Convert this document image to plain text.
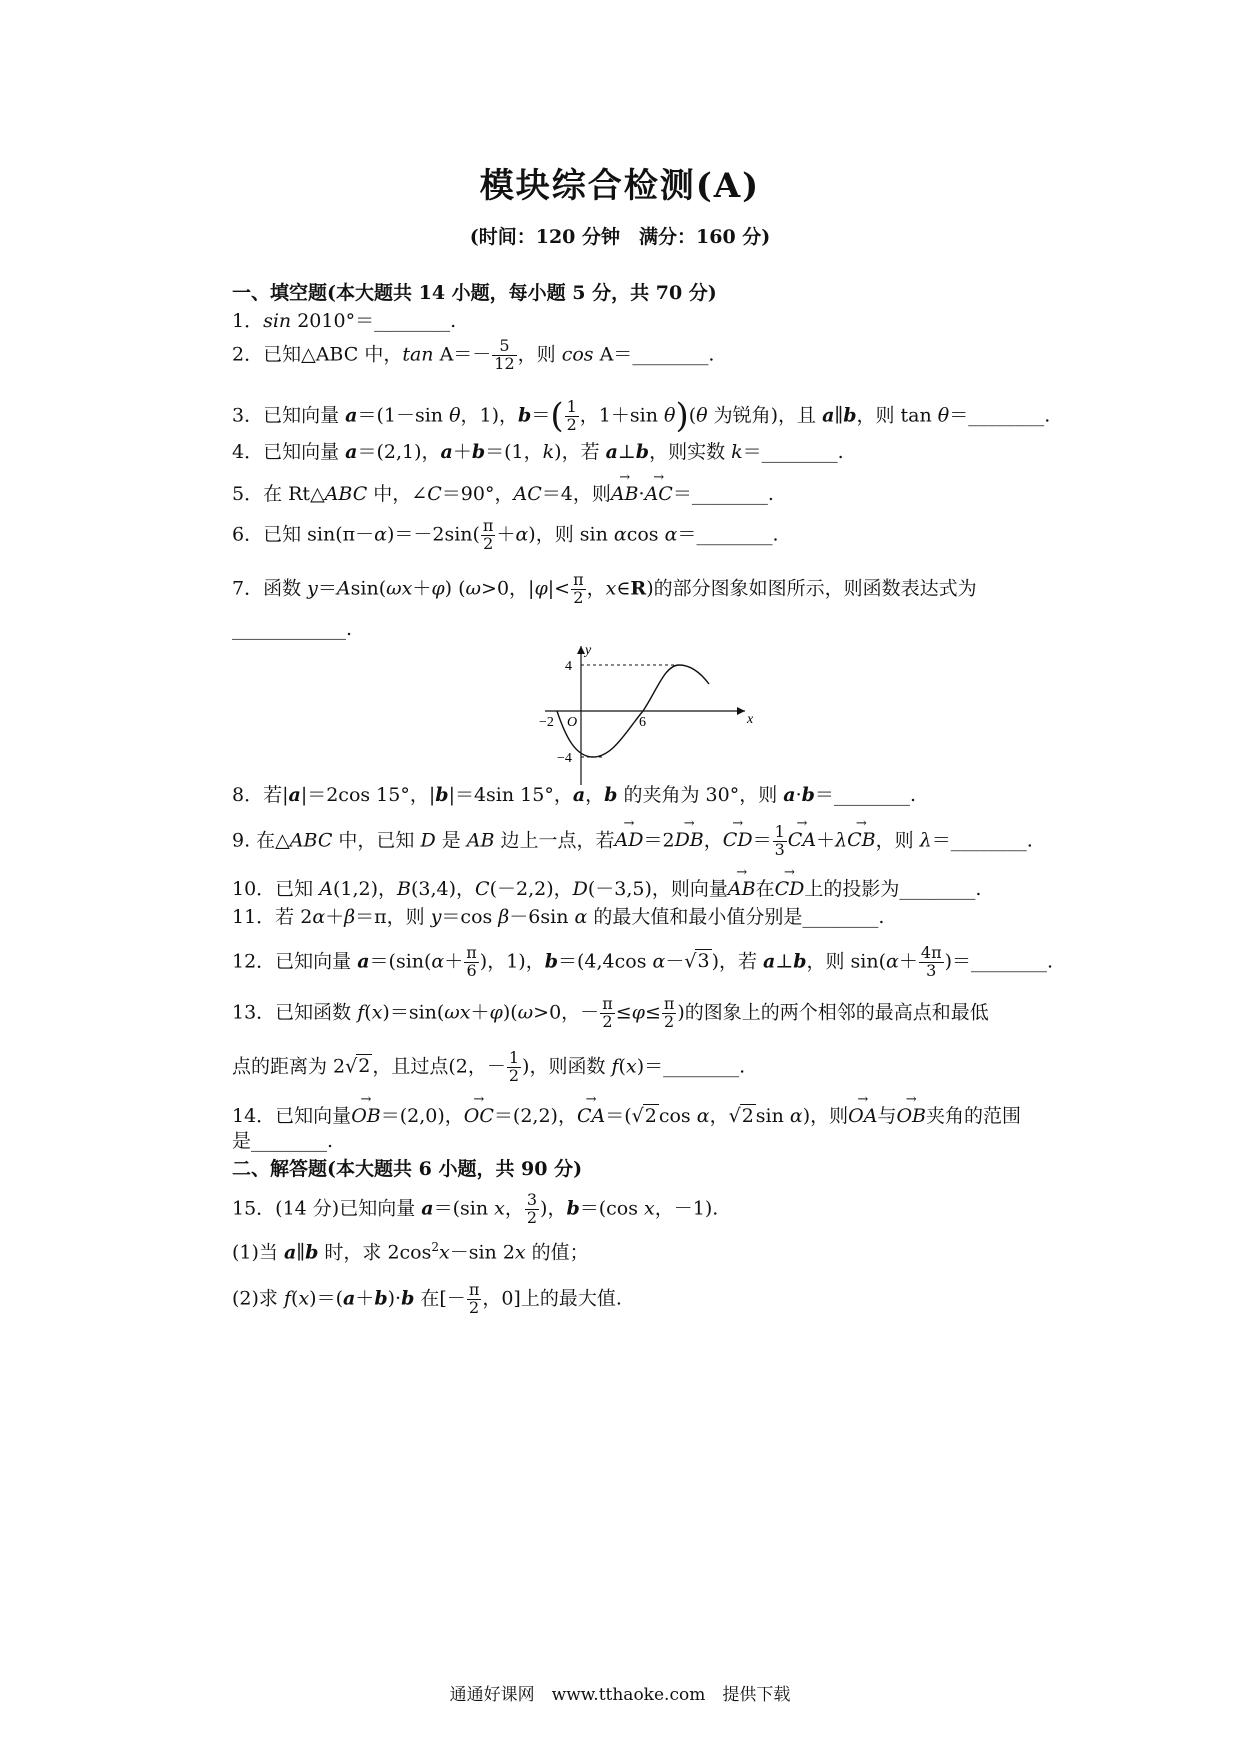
模块综合检测(A)
(时间：120 分钟　满分：160 分)
一、填空题(本大题共 14 小题，每小题 5 分，共 70 分)
1．sin 2010°＝________.
2．已知△ABC 中，$\tan A=- \frac{5}{12}$ ，则 cos A＝________.
3．已知向量 a＝(1－sin θ，1)，$b=( \frac{1}{2}$ ，1＋sin θ)(θ 为锐角)，且 a∥b，则 tan θ＝________.
4．已知向量 a＝(2,1)，a＋b＝(1，k)，若 a⊥b，则实数 k＝________.
5．在 Rt△ABC 中，∠C＝90°，AC＝4，则→ AB·→ AC＝________.
6．已知 $\sin(\pi-\alpha)=-2\sin( \frac{\pi}{2} +\alpha)$，则 sin αcos α＝________.
7．函数 y＝Asin(ωx＋φ) (ω>0，$|\varphi|< \frac{\pi}{2}$ ，x∈R)的部分图象如图所示，则函数表达式为
____________.
y
x
4
−4
−2 O	6
8．若|a|＝2cos 15°，|b|＝4sin 15°，a，b 的夹角为 30°，则 a·b＝________.
9. 在△ABC 中，已知 D 是 AB 边上一点，若→ AD＝2→ DB，→ $CD= \frac{1}{3}$
→ CA＋λ→ CB，则 λ＝________.
10．已知 A(1,2)，B(3,4)，C(－2,2)，D(－3,5)，则向量→ AB在→ CD上的投影为________.
11．若 2α＋β＝π，则 y＝cos β－6sin α 的最大值和最小值分别是________.
12．已知向量 $a=(\sin(\alpha+ \frac{\pi}{6}$ )，1)，b＝(4,4cos α－√3 )，若 a⊥b，则 $\sin(\alpha+ \frac{4\pi}{3}$ )＝________.
13．已知函数 f(x)＝sin(ωx＋φ)(ω>0，－ $\frac{\pi}{2} \le\varphi\le \frac{\pi}{2}$ )的图象上的两个相邻的最高点和最低
点的距离为 2√2 ，且过点(2，－ $\frac{1}{2}$ )，则函数 f(x)＝________.
14．已知向量→ OB＝(2,0)，→ OC＝(2,2)，→ CA＝(√2 cos α，√2 sin α)，则→ OA与→ OB夹角的范围
是________.
二、解答题(本大题共 6 小题，共 90 分)
15．(14 分)已知向量 a＝(sin x， $\frac{3}{2}$ )，b＝(cos x，－1).
(1)当 a∥b 时，求 $2\cos^2x-\sin$ 2x 的值；
(2)求 f(x)＝(a＋b)·b 在[－ $\frac{\pi}{2}$ ，0]上的最大值.
通通好课网　www.tthaoke.com　提供下载
